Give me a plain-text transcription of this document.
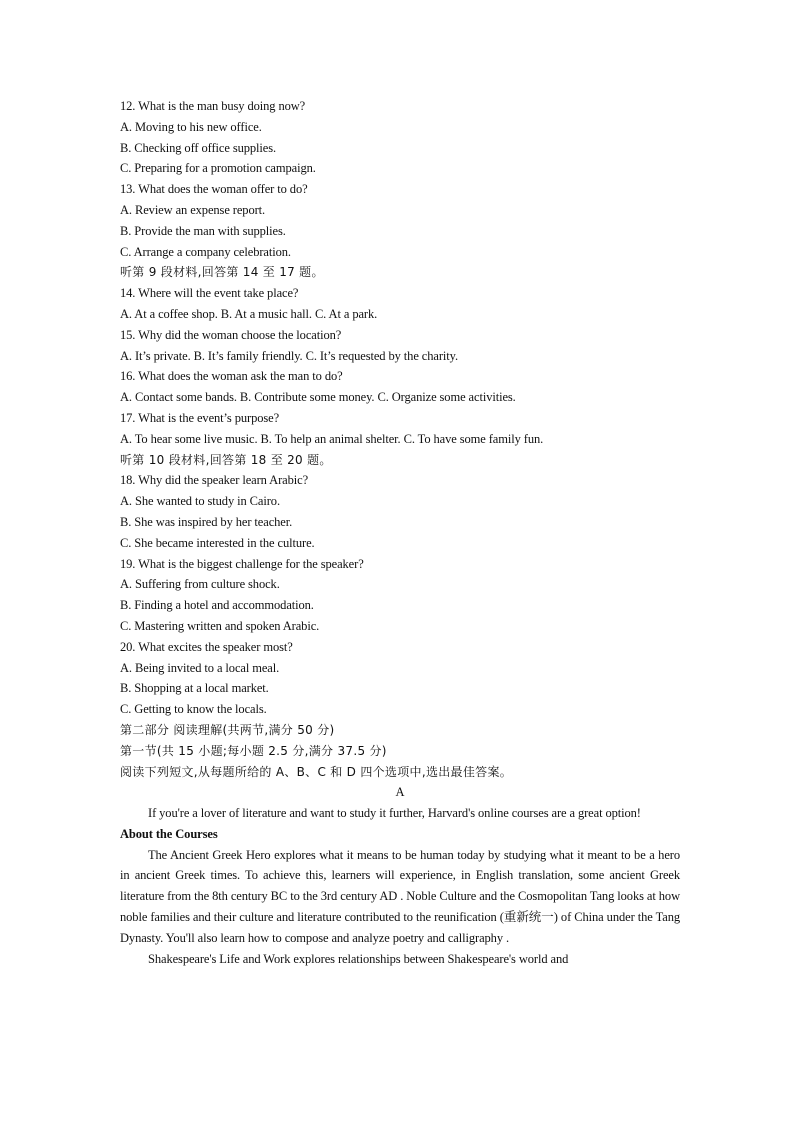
12. What is the man busy doing now?
A. Moving to his new office.
B. Checking off office supplies.
C. Preparing for a promotion campaign.
13. What does the woman offer to do?
A. Review an expense report.
B. Provide the man with supplies.
C. Arrange a company celebration.
听第 9 段材料,回答第 14 至 17 题。
14. Where will the event take place?
A. At a coffee shop. B. At a music hall. C. At a park.
15. Why did the woman choose the location?
A. It’s private. B. It’s family friendly. C. It’s requested by the charity.
16. What does the woman ask the man to do?
A. Contact some bands. B. Contribute some money. C. Organize some activities.
17. What is the event’s purpose?
A. To hear some live music. B. To help an animal shelter. C. To have some family fun.
听第 10 段材料,回答第 18 至 20 题。
18. Why did the speaker learn Arabic?
A. She wanted to study in Cairo.
B. She was inspired by her teacher.
C. She became interested in the culture.
19. What is the biggest challenge for the speaker?
A. Suffering from culture shock.
B. Finding a hotel and accommodation.
C. Mastering written and spoken Arabic.
20. What excites the speaker most?
A. Being invited to a local meal.
B. Shopping at a local market.
C. Getting to know the locals.
第二部分 阅读理解(共两节,满分 50 分)
第一节(共 15 小题;每小题 2.5 分,满分 37.5 分)
阅读下列短文,从每题所给的 A、B、C 和 D 四个选项中,选出最佳答案。
A
If you're a lover of literature and want to study it further, Harvard's online courses are a great option!
About the Courses
The Ancient Greek Hero explores what it means to be human today by studying what it meant to be a hero in ancient Greek times. To achieve this, learners will experience, in English translation, some ancient Greek literature from the 8th century BC to the 3rd century AD . Noble Culture and the Cosmopolitan Tang looks at how noble families and their culture and literature contributed to the reunification (重新统一) of China under the Tang Dynasty. You'll also learn how to compose and analyze poetry and calligraphy .
Shakespeare's Life and Work explores relationships between Shakespeare's world and
